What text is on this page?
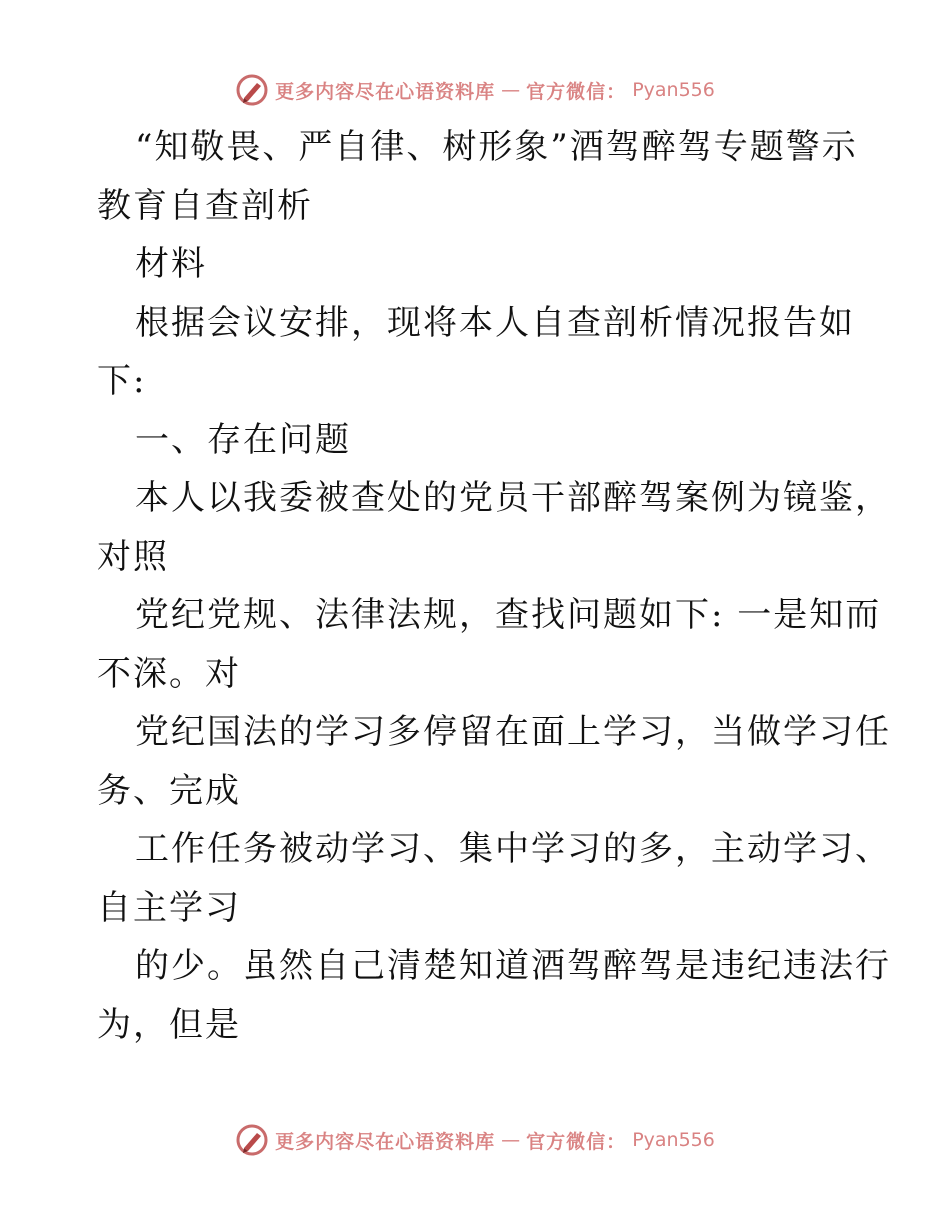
更多内容尽在心语资料库 — 官方微信： Pyan556
“知敬畏、严自律、树形象”酒驾醉驾专题警示
教育自查剖析
材料
根据会议安排，现将本人自查剖析情况报告如
下:
一、存在问题
本人以我委被查处的党员干部醉驾案例为镜鉴，
对照
党纪党规、法律法规，查找问题如下: 一是知而
不深。对
党纪国法的学习多停留在面上学习，当做学习任
务、完成
工作任务被动学习、集中学习的多，主动学习、
自主学习
的少。虽然自己清楚知道酒驾醉驾是违纪违法行
为，但是
更多内容尽在心语资料库 — 官方微信： Pyan556
